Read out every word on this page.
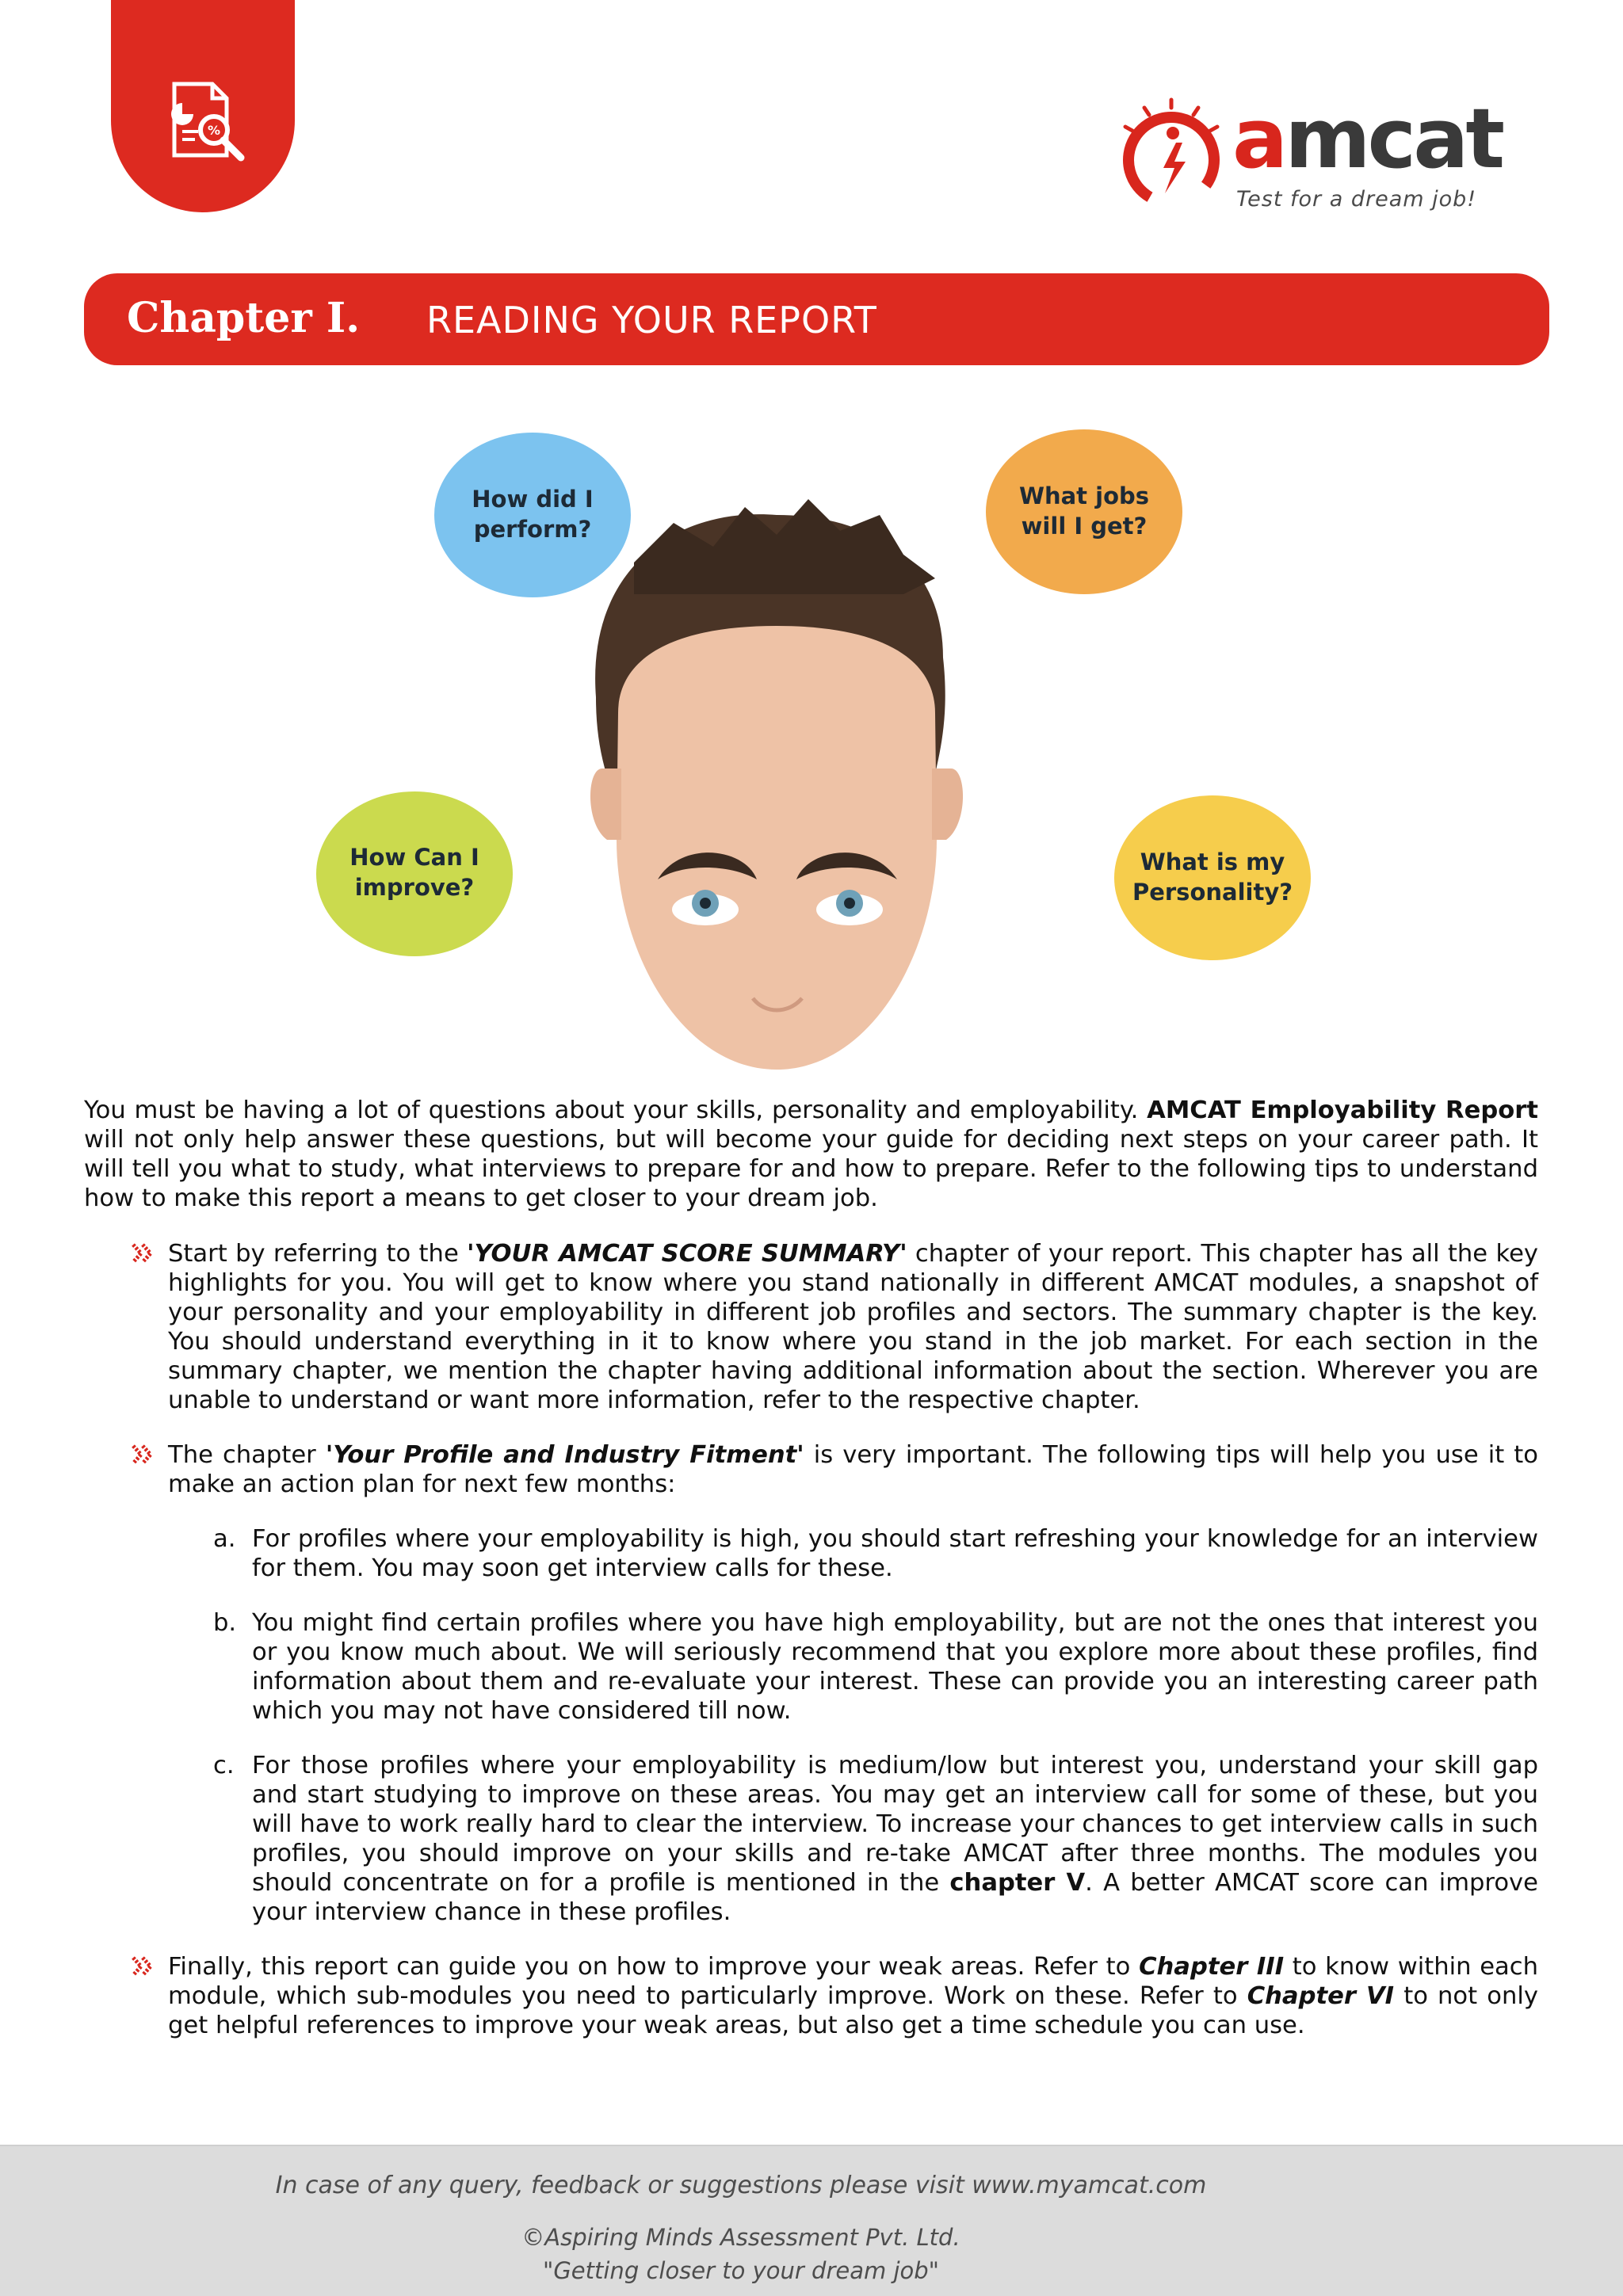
%	amcat
Test for a dream job!
Chapter I. READING YOUR REPORT
How did I
perform?
What jobs
will I get?
How Can I
improve?
What is my
Personality?

You must be having a lot of questions about your skills, personality and employability. AMCAT Employability Report will not only help answer these questions, but will become your guide for deciding next steps on your career path. It will tell you what to study, what interviews to prepare for and how to prepare. Refer to the following tips to understand how to make this report a means to get closer to your dream job.

Start by referring to the 'YOUR AMCAT SCORE SUMMARY' chapter of your report. This chapter has all the key highlights for you. You will get to know where you stand nationally in different AMCAT modules, a snapshot of your personality and your employability in different job profiles and sectors. The summary chapter is the key. You should understand everything in it to know where you stand in the job market. For each section in the summary chapter, we mention the chapter having additional information about the section. Wherever you are unable to understand or want more information, refer to the respective chapter.
The chapter 'Your Profile and Industry Fitment' is very important. The following tips will help you use it to make an action plan for next few months:
a. For profiles where your employability is high, you should start refreshing your knowledge for an interview for them. You may soon get interview calls for these.
b. You might find certain profiles where you have high employability, but are not the ones that interest you or you know much about. We will seriously recommend that you explore more about these profiles, find information about them and re-evaluate your interest. These can provide you an interesting career path which you may not have considered till now.
c. For those profiles where your employability is medium/low but interest you, understand your skill gap and start studying to improve on these areas. You may get an interview call for some of these, but you will have to work really hard to clear the interview. To increase your chances to get interview calls in such profiles, you should improve on your skills and re-take AMCAT after three months. The modules you should concentrate on for a profile is mentioned in the chapter V. A better AMCAT score can improve your interview chance in these profiles.
Finally, this report can guide you on how to improve your weak areas. Refer to Chapter III to know within each module, which sub-modules you need to particularly improve. Work on these. Refer to Chapter VI to not only get helpful references to improve your weak areas, but also get a time schedule you can use.
In case of any query, feedback or suggestions please visit www.myamcat.com
©Aspiring Minds Assessment Pvt. Ltd.
"Getting closer to your dream job"
